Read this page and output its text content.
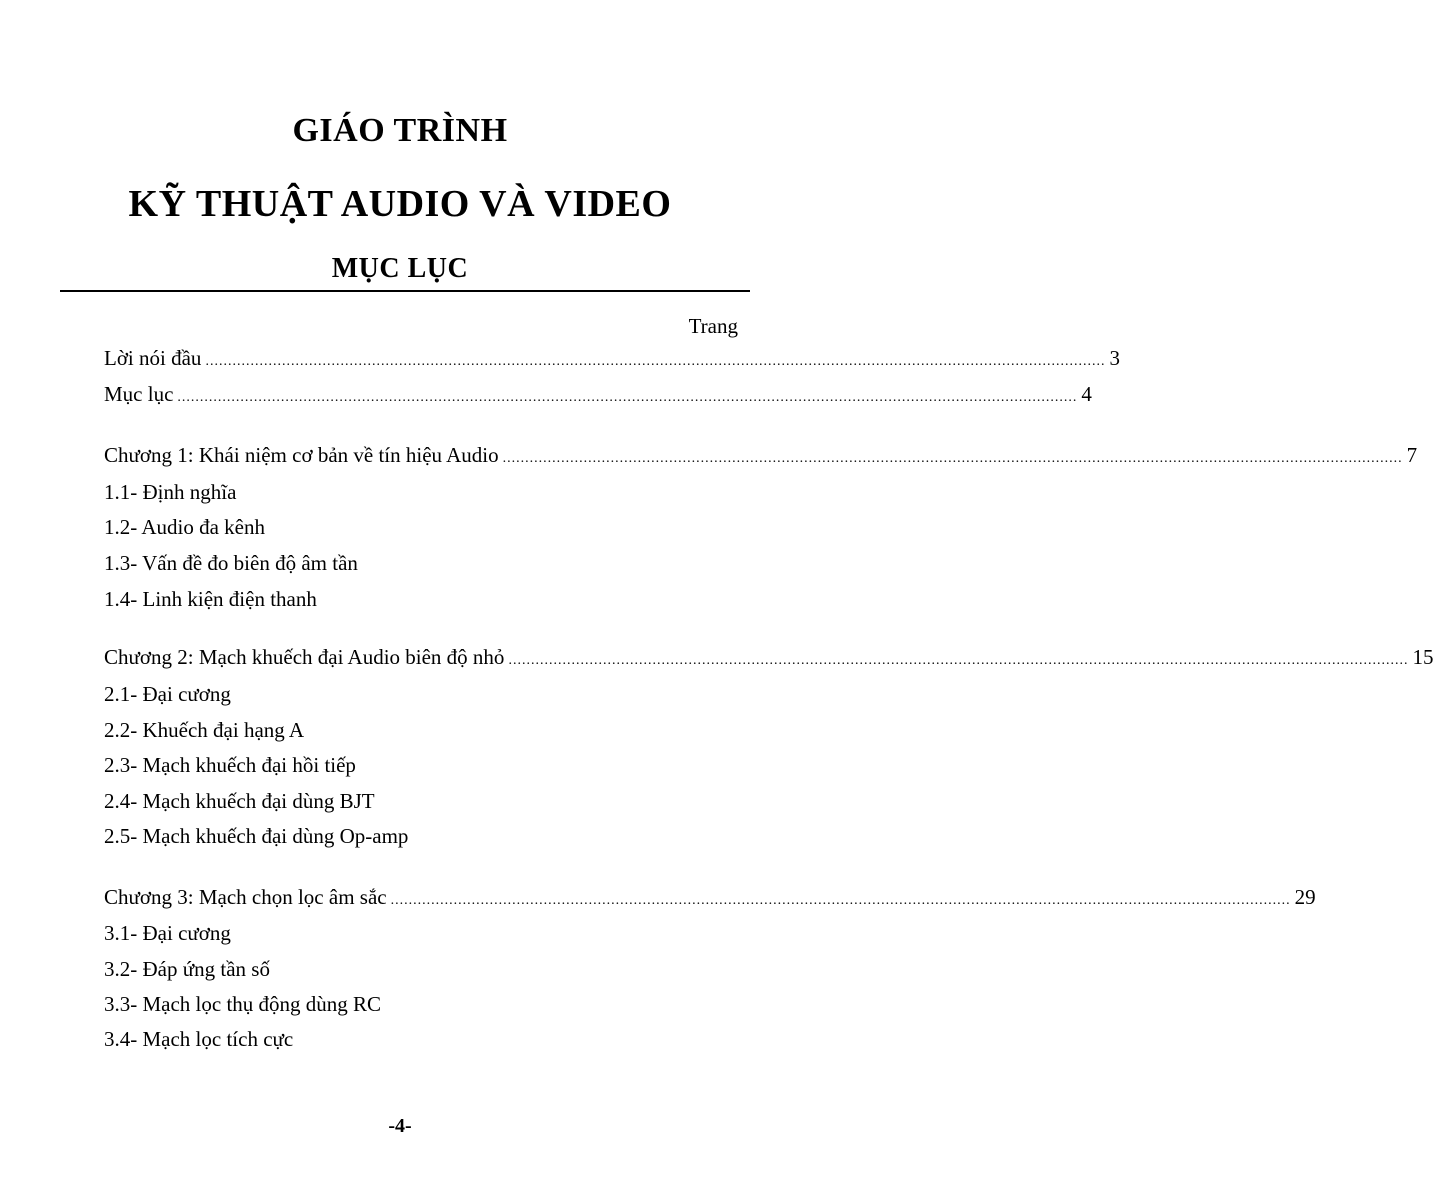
GIÁO TRÌNH
KỸ THUẬT AUDIO VÀ VIDEO
MỤC LỤC
Trang
Lời nói đầu ........................................................................................................................................................................................................ 3
Mục lục ........................................................................................................................................................................................................ 4
Chương 1: Khái niệm cơ bản về tín hiệu Audio ........................................................................................................................................................................................................ 7
1.1- Định nghĩa
1.2- Audio đa kênh
1.3- Vấn đề đo biên độ âm tần
1.4- Linh kiện điện thanh
Chương 2: Mạch khuếch đại Audio biên độ nhỏ ........................................................................................................................................................................................................ 15
2.1- Đại cương
2.2- Khuếch đại hạng A
2.3- Mạch khuếch đại hồi tiếp
2.4- Mạch khuếch đại dùng BJT
2.5- Mạch khuếch đại dùng Op-amp
Chương 3: Mạch chọn lọc âm sắc ........................................................................................................................................................................................................ 29
3.1- Đại cương
3.2- Đáp ứng tần số
3.3- Mạch lọc thụ động dùng RC
3.4- Mạch lọc tích cực
-4-
